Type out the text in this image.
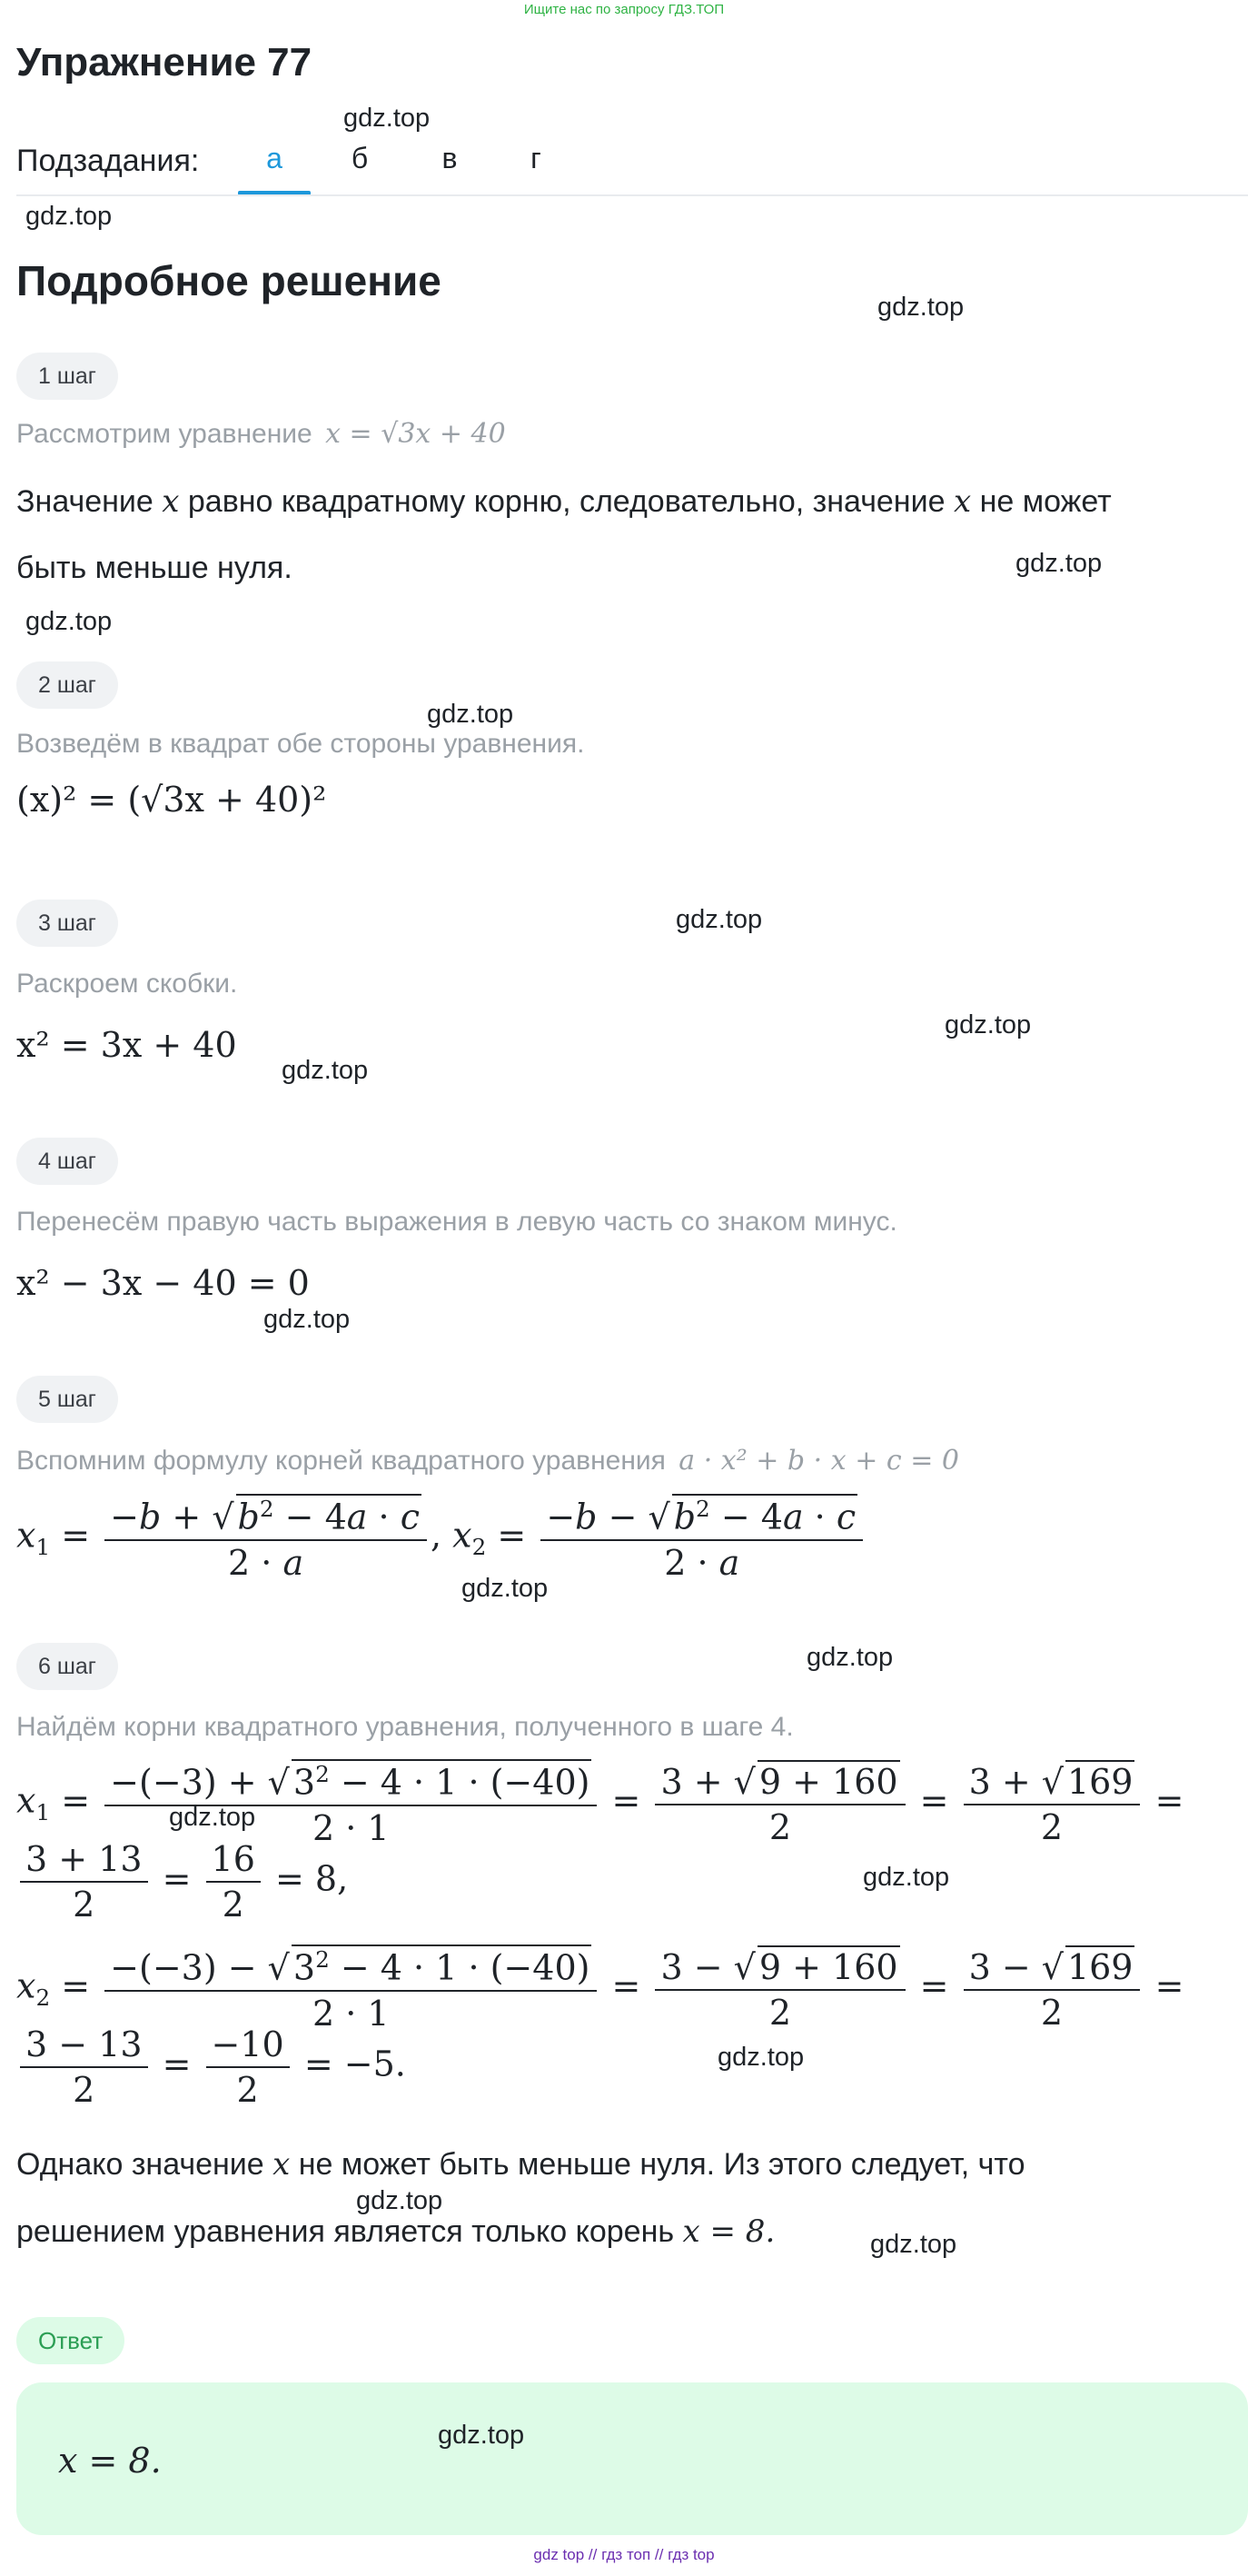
Ищите нас по запросу ГДЗ.ТОП
Упражнение 77
gdz.top
Подзадания:	а	б	в	г
gdz.top
Подробное решение
gdz.top
1 шаг
Рассмотрим уравнение x = √3x + 40
Значение x равно квадратному корню, следовательно, значение x не может
быть меньше нуля.	gdz.top
gdz.top
2 шаг
gdz.top
Возведём в квадрат обе стороны уравнения.
(x)² = (√3x + 40)²
3 шаг	gdz.top
Раскроем скобки.
gdz.top
x² = 3x + 40
gdz.top
4 шаг
Перенесём правую часть выражения в левую часть со знаком минус.
x² − 3x − 40 = 0
gdz.top
5 шаг
Вспомним формулу корней квадратного уравнения a · x² + b · x + c = 0
$x_1 = \frac{-b + √ b^2 - 4a \cdot c}{2 \cdot a}$ , $x_2 = \frac{-b - √ b^2 - 4a \cdot c}{2 \cdot a}$
gdz.top
6 шаг	gdz.top
Найдём корни квадратного уравнения, полученного в шаге 4.
$x_1 = \frac{-(-3) + √ 3^2 - 4 \cdot 1 \cdot (-40)}{2 \cdot 1} = \frac{3 + √ 9 + 160}{2} = \frac{3 + √ 169}{2}$ =
gdz.top
$\frac{3 + 13}{2} = \frac{16}{2} = 8$,	gdz.top
$x_2 = \frac{-(-3) - √ 3^2 - 4 \cdot 1 \cdot (-40)}{2 \cdot 1} = \frac{3 - √ 9 + 160}{2} = \frac{3 - √ 169}{2}$ =
$\frac{3 - 13}{2} = \frac{-10}{2} = -5$.	gdz.top
Однако значение x не может быть меньше нуля. Из этого следует, что
gdz.top
решением уравнения является только корень x = 8.	gdz.top
Ответ
gdz.top
x = 8.
gdz top // гдз топ // гдз top
